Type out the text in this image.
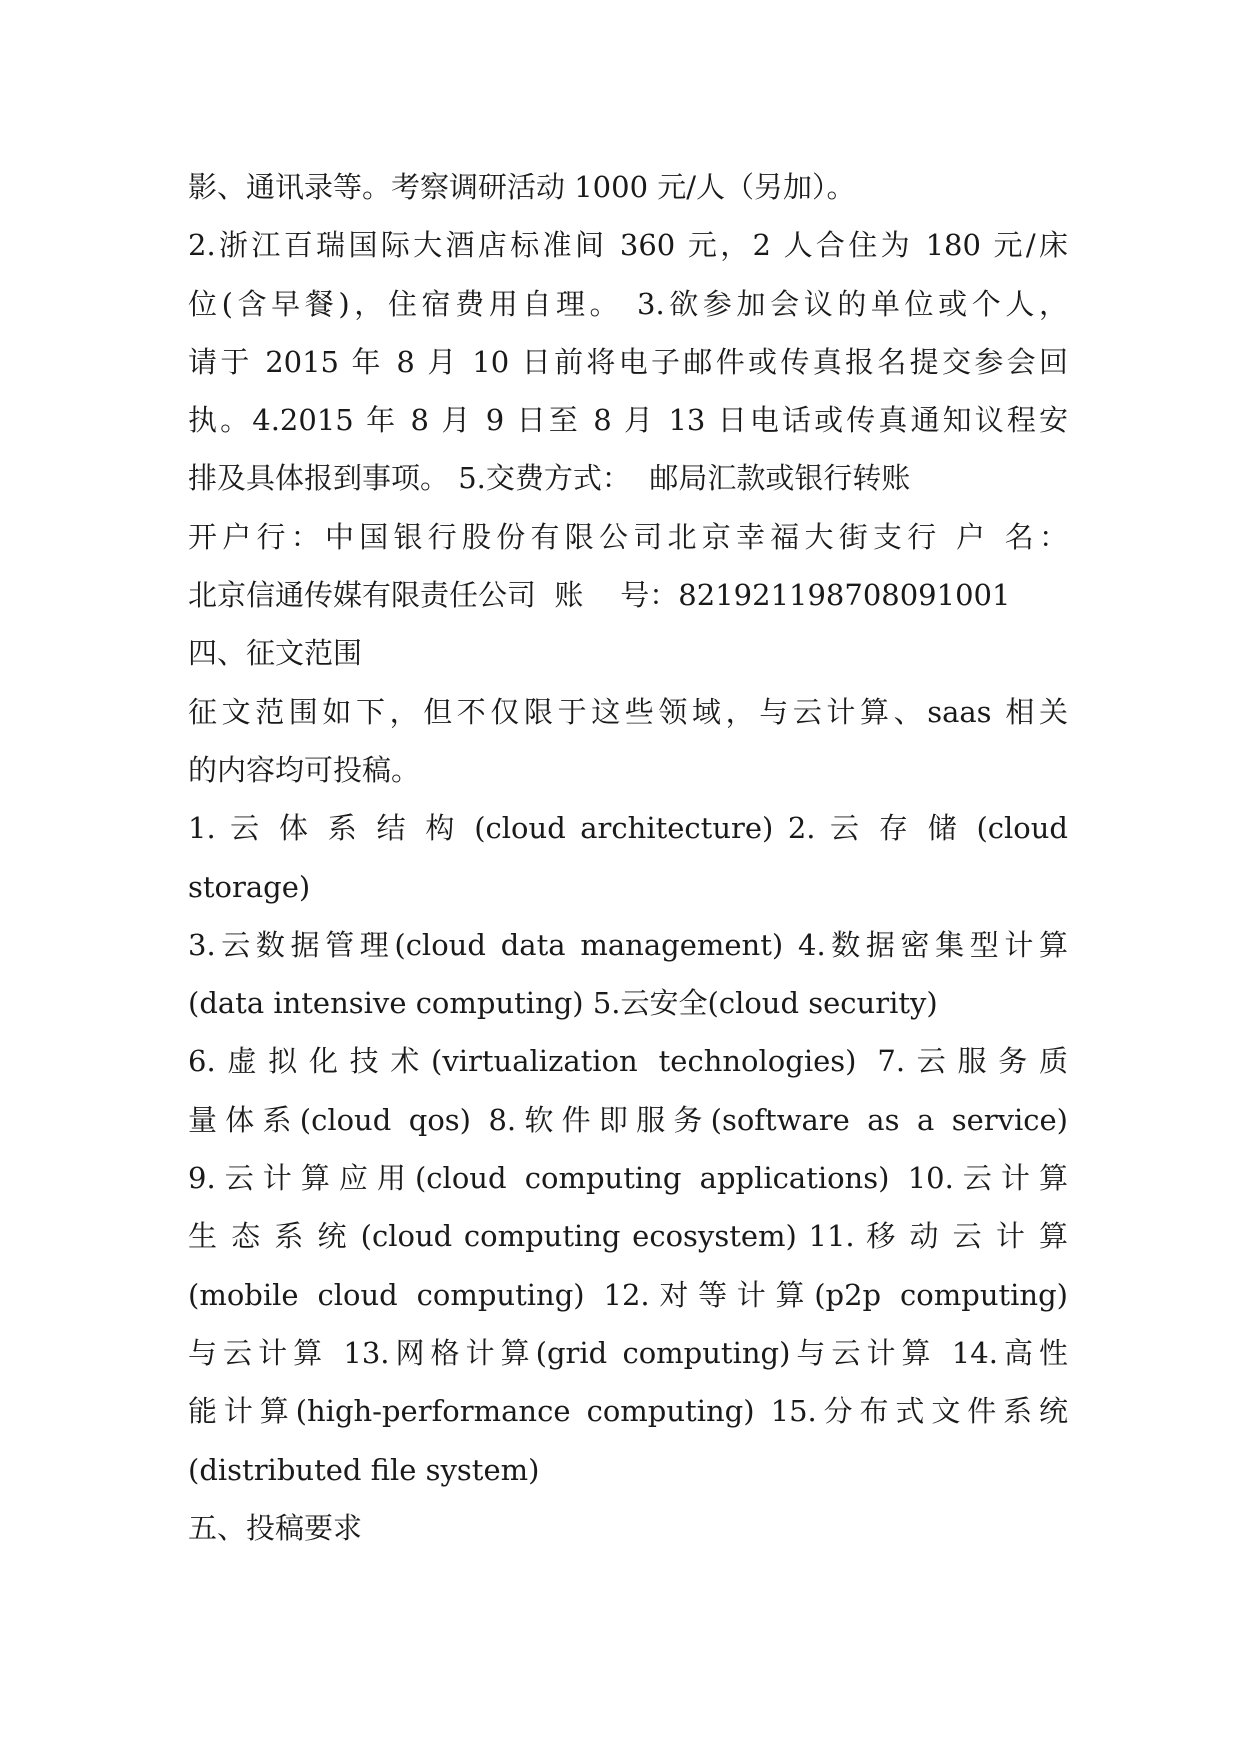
影、通讯录等。考察调研活动 1000 元/人（另加）。
2.浙江百瑞国际大酒店标准间 360 元，2 人合住为 180 元/床
位(含早餐)，住宿费用自理。 3.欲参加会议的单位或个人，
请于 2015 年 8 月 10 日前将电子邮件或传真报名提交参会回
执。4.2015 年 8 月 9 日至 8 月 13 日电话或传真通知议程安
排及具体报到事项。 5.交费方式：  邮局汇款或银行转账
开户行：中国银行股份有限公司北京幸福大街支行 户 名：
北京信通传媒有限责任公司  账    号：821921198708091001
四、征文范围
征文范围如下，但不仅限于这些领域，与云计算、saas 相关
的内容均可投稿。
1. 云 体 系 结 构 (cloud architecture) 2. 云 存 储 (cloud
storage)
3.云数据管理(cloud data management) 4.数据密集型计算
(data intensive computing) 5.云安全(cloud security)
6.虚拟化技术(virtualization technologies) 7.云服务质
量体系(cloud qos) 8.软件即服务(software as a service)
9.云计算应用(cloud computing applications) 10.云计算
生 态 系 统 (cloud computing ecosystem) 11. 移 动 云 计 算
(mobile cloud computing) 12.对等计算(p2p computing)
与云计算 13.网格计算(grid computing)与云计算 14.高性
能计算(high-performance computing) 15.分布式文件系统
(distributed file system)
五、投稿要求
